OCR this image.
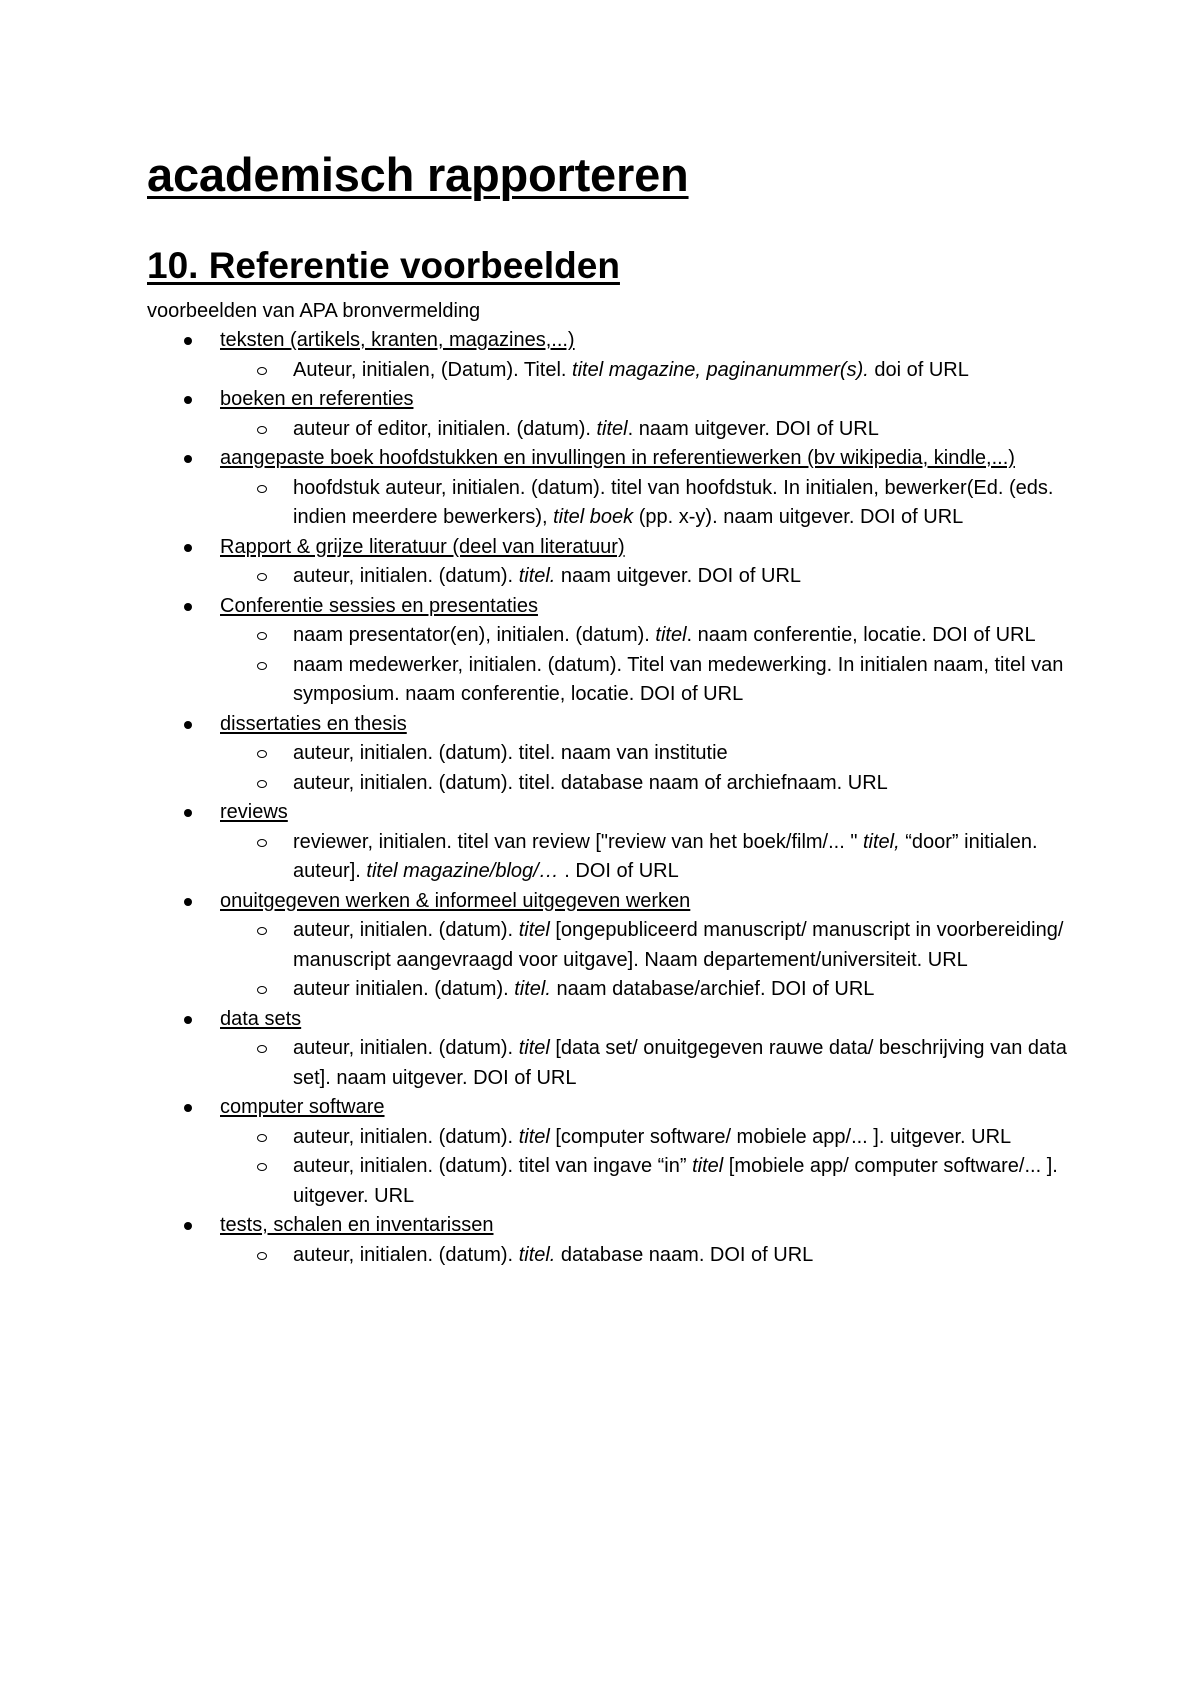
academisch rapporteren
10. Referentie voorbeelden

voorbeelden van APA bronvermelding

teksten (artikels, kranten, magazines,...)
Auteur, initialen, (Datum). Titel. titel magazine, paginanummer(s). doi of URL
boeken en referenties
auteur of editor, initialen. (datum). titel. naam uitgever. DOI of URL
aangepaste boek hoofdstukken en invullingen in referentiewerken (bv wikipedia, kindle,...)
hoofdstuk auteur, initialen. (datum). titel van hoofdstuk. In initialen, bewerker(Ed. (eds. indien meerdere bewerkers), titel boek (pp. x-y). naam uitgever. DOI of URL
Rapport & grijze literatuur (deel van literatuur)
auteur, initialen. (datum). titel. naam uitgever. DOI of URL
Conferentie sessies en presentaties
naam presentator(en), initialen. (datum). titel. naam conferentie, locatie. DOI of URL
naam medewerker, initialen. (datum). Titel van medewerking. In initialen naam, titel van symposium. naam conferentie, locatie. DOI of URL
dissertaties en thesis
auteur, initialen. (datum). titel. naam van institutie
auteur, initialen. (datum). titel. database naam of archiefnaam. URL
reviews
reviewer, initialen. titel van review ["review van het boek/film/... " titel, “door” initialen. auteur]. titel magazine/blog/… . DOI of URL
onuitgegeven werken & informeel uitgegeven werken
auteur, initialen. (datum). titel [ongepubliceerd manuscript/ manuscript in voorbereiding/ manuscript aangevraagd voor uitgave]. Naam departement/universiteit. URL
auteur initialen. (datum). titel. naam database/archief. DOI of URL
data sets
auteur, initialen. (datum). titel [data set/ onuitgegeven rauwe data/ beschrijving van data set]. naam uitgever. DOI of URL
computer software
auteur, initialen. (datum). titel [computer software/ mobiele app/... ]. uitgever. URL
auteur, initialen. (datum). titel van ingave “in” titel [mobiele app/ computer software/... ]. uitgever. URL
tests, schalen en inventarissen
auteur, initialen. (datum). titel. database naam. DOI of URL
